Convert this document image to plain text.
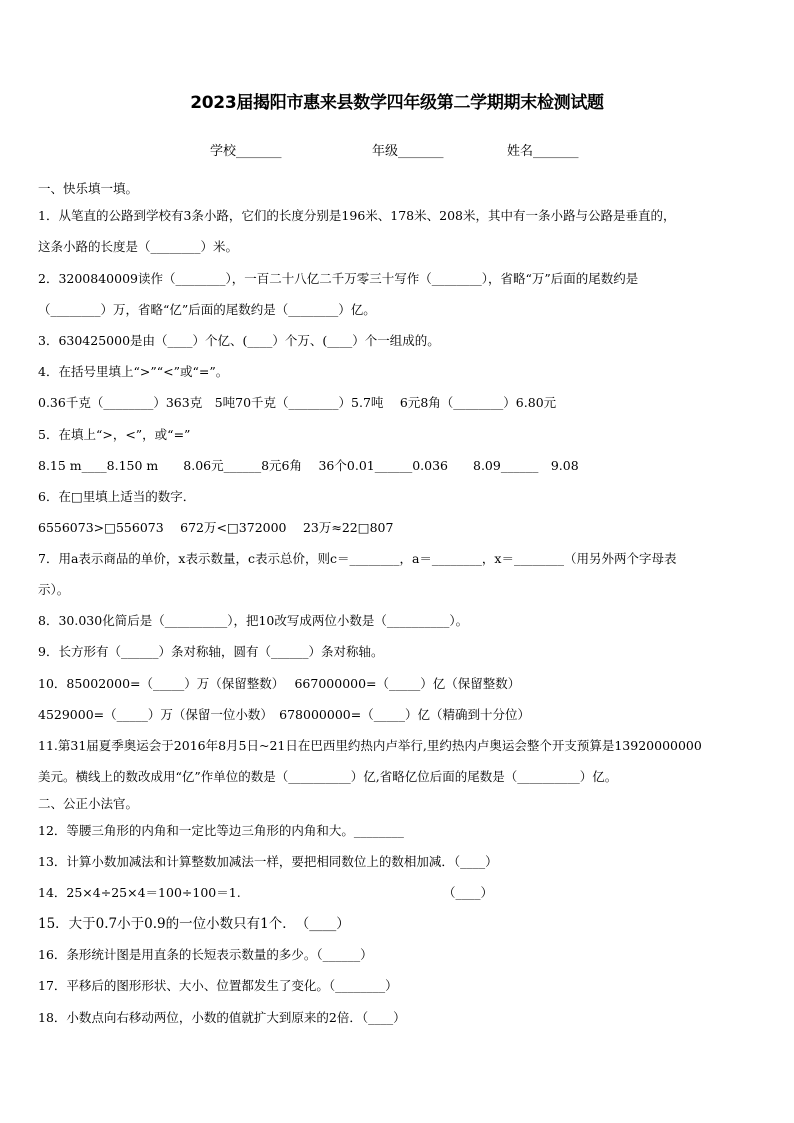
2023届揭阳市惠来县数学四年级第二学期期末检测试题
学校_______	年级_______	姓名_______
一、快乐填一填。
1．从笔直的公路到学校有3条小路，它们的长度分别是196米、178米、208米，其中有一条小路与公路是垂直的，
这条小路的长度是（________）米。
2．3200840009读作（________），一百二十八亿二千万零三十写作（________），省略“万”后面的尾数约是
（________）万，省略“亿”后面的尾数约是（________）亿。
3．630425000是由（____）个亿、(____）个万、(____）个一组成的。
4．在括号里填上“>”“<”或“=”。
0.36千克（________）363克　5吨70千克（________）5.7吨　 6元8角（________）6.80元
5．在填上“>，<”，或“=”
8.15 m____8.150 m　　8.06元______8元6角　 36个0.01______0.036　　8.09______　9.08
6．在□里填上适当的数字．
6556073>□556073　 672万<□372000　 23万≈22□807
7．用a表示商品的单价，x表示数量，c表示总价，则c＝________，a＝________，x＝________（用另外两个字母表
示）。
8．30.030化简后是（__________），把10改写成两位小数是（__________）。
9．长方形有（______）条对称轴，圆有（______）条对称轴。
10．85002000=（_____）万（保留整数）　 667000000=（_____）亿（保留整数）
4529000=（_____）万（保留一位小数）　678000000=（_____）亿（精确到十分位）
11.第31届夏季奥运会于2016年8月5日~21日在巴西里约热内卢举行,里约热内卢奥运会整个开支预算是13920000000
美元。横线上的数改成用“亿”作单位的数是（__________）亿,省略亿位后面的尾数是（__________）亿。
二、公正小法官。
12．等腰三角形的内角和一定比等边三角形的内角和大。________
13．计算小数加减法和计算整数加减法一样，要把相同数位上的数相加减．（____）
14．25×4÷25×4＝100÷100＝1.	（____）
15．大于0.7小于0.9的一位小数只有1个．　（____）
16．条形统计图是用直条的长短表示数量的多少。（______）
17．平移后的图形形状、大小、位置都发生了变化。（________）
18．小数点向右移动两位，小数的值就扩大到原来的2倍．（____）
